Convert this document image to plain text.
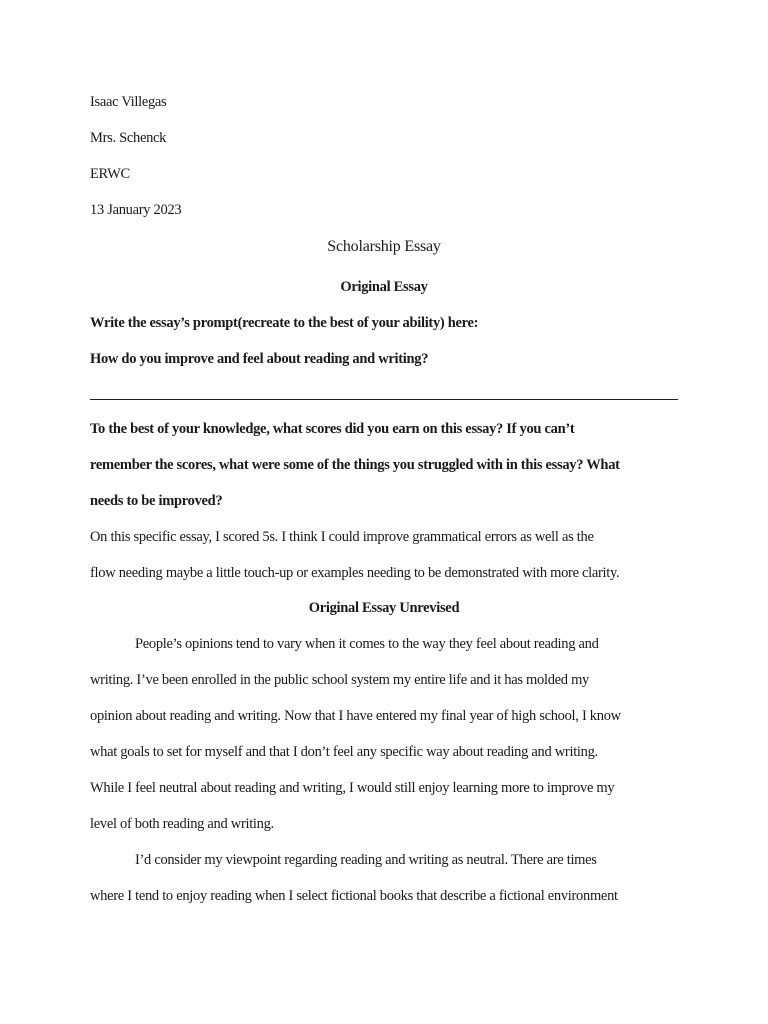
Isaac Villegas
Mrs. Schenck
ERWC
13 January 2023
Scholarship Essay
Original Essay
Write the essay’s prompt(recreate to the best of your ability) here:
How do you improve and feel about reading and writing?
To the best of your knowledge, what scores did you earn on this essay? If you can’t
remember the scores, what were some of the things you struggled with in this essay? What
needs to be improved?
On this specific essay, I scored 5s. I think I could improve grammatical errors as well as the
flow needing maybe a little touch-up or examples needing to be demonstrated with more clarity.
Original Essay Unrevised
People’s opinions tend to vary when it comes to the way they feel about reading and
writing. I’ve been enrolled in the public school system my entire life and it has molded my
opinion about reading and writing. Now that I have entered my final year of high school, I know
what goals to set for myself and that I don’t feel any specific way about reading and writing.
While I feel neutral about reading and writing, I would still enjoy learning more to improve my
level of both reading and writing.
I’d consider my viewpoint regarding reading and writing as neutral. There are times
where I tend to enjoy reading when I select fictional books that describe a fictional environment
